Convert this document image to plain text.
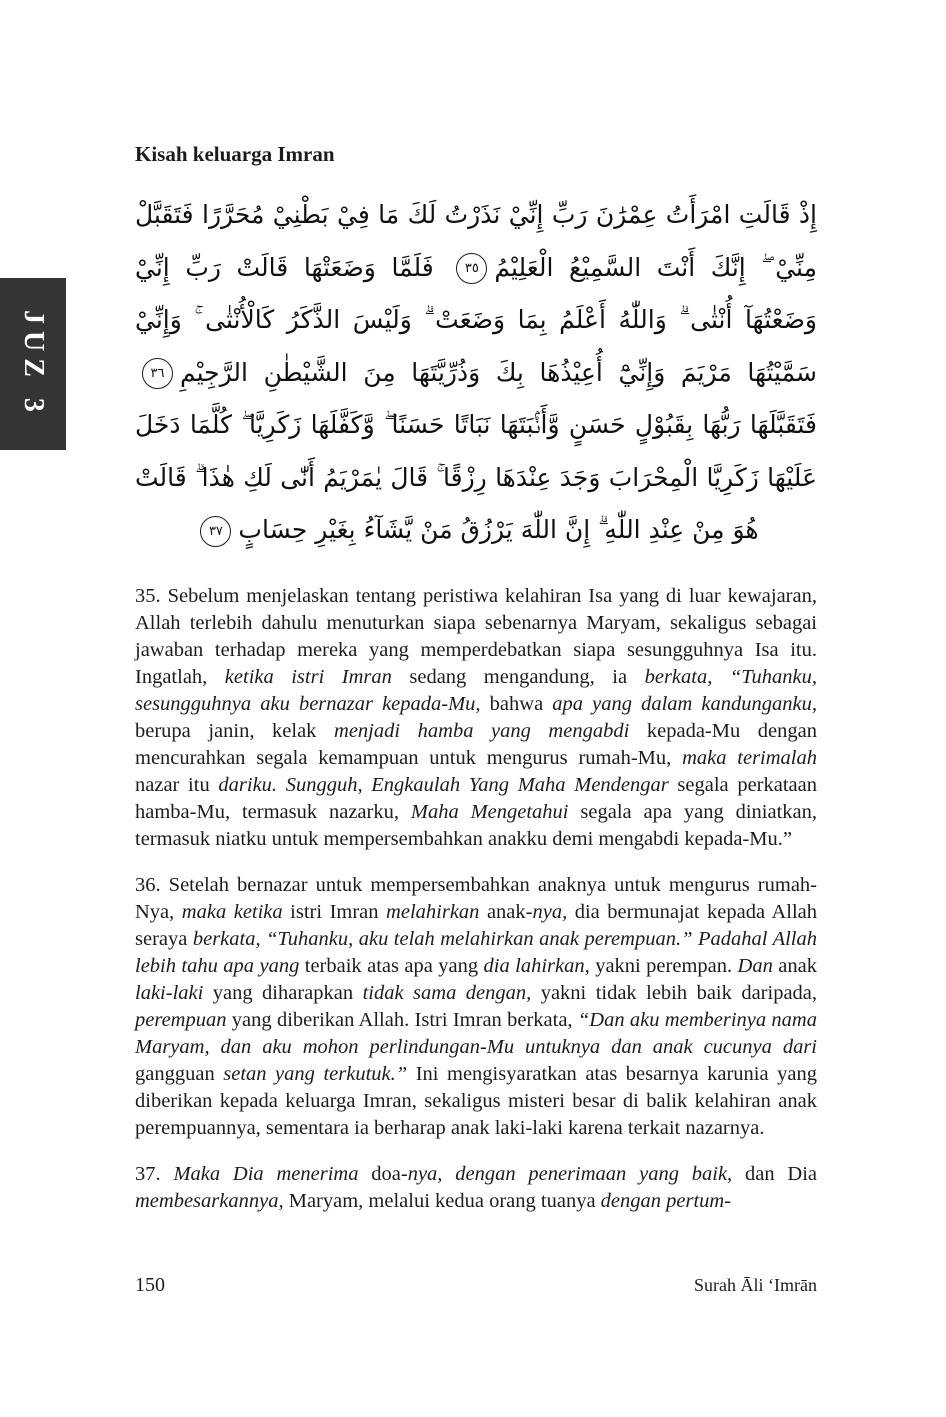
JUZ 3
Kisah keluarga Imran
إِذْ قَالَتِ امْرَأَتُ عِمْرَٰنَ رَبِّ إِنِّيْ نَذَرْتُ لَكَ مَا فِيْ بَطْنِيْ مُحَرَّرًا فَتَقَبَّلْ مِنِّيْ ۖ إِنَّكَ أَنْتَ السَّمِيْعُ الْعَلِيْمُ٣٥ فَلَمَّا وَضَعَتْهَا قَالَتْ رَبِّ إِنِّيْ وَضَعْتُهَآ أُنْثٰى ۗ وَاللّٰهُ أَعْلَمُ بِمَا وَضَعَتْ ۗ وَلَيْسَ الذَّكَرُ كَالْأُنْثٰى ۚ وَإِنِّيْ سَمَّيْتُهَا مَرْيَمَ وَإِنِّيْٓ أُعِيْذُهَا بِكَ وَذُرِّيَّتَهَا مِنَ الشَّيْطٰنِ الرَّجِيْمِ٣٦ فَتَقَبَّلَهَا رَبُّهَا بِقَبُوْلٍ حَسَنٍ وَّأَنْۢبَتَهَا نَبَاتًا حَسَنًا ۖ وَّكَفَّلَهَا زَكَرِيَّا ۖ كُلَّمَا دَخَلَ عَلَيْهَا زَكَرِيَّا الْمِحْرَابَ وَجَدَ عِنْدَهَا رِزْقًا ۚ قَالَ يٰمَرْيَمُ أَنّٰى لَكِ هٰذَا ۗ قَالَتْ هُوَ مِنْ عِنْدِ اللّٰهِ ۗ إِنَّ اللّٰهَ يَرْزُقُ مَنْ يَّشَآءُ بِغَيْرِ حِسَابٍ٣٧

35. Sebelum menjelaskan tentang peristiwa kelahiran Isa yang di luar kewajaran, Allah terlebih dahulu menuturkan siapa sebenarnya Maryam, sekaligus sebagai jawaban terhadap mereka yang memperdebatkan siapa sesungguhnya Isa itu. Ingatlah, ketika istri Imran sedang mengandung, ia berkata, “Tuhanku, sesungguhnya aku bernazar kepada-Mu, bahwa apa yang dalam kandunganku, berupa janin, kelak menjadi hamba yang mengabdi kepada-Mu dengan mencurahkan segala kemampuan untuk mengurus rumah-Mu, maka terimalah nazar itu dariku. Sungguh, Engkaulah Yang Maha Mendengar segala perkataan hamba-Mu, termasuk nazarku, Maha Mengetahui segala apa yang diniatkan, termasuk niatku untuk mempersembahkan anakku demi mengabdi kepada-Mu.”

36. Setelah bernazar untuk mempersembahkan anaknya untuk mengurus rumah-Nya, maka ketika istri Imran melahirkan anak-nya, dia bermunajat kepada Allah seraya berkata, “Tuhanku, aku telah melahirkan anak perempuan.” Padahal Allah lebih tahu apa yang terbaik atas apa yang dia lahirkan, yakni perempan. Dan anak laki-laki yang diharapkan tidak sama dengan, yakni tidak lebih baik daripada, perempuan yang diberikan Allah. Istri Imran berkata, “Dan aku memberinya nama Maryam, dan aku mohon perlindungan-Mu untuknya dan anak cucunya dari gangguan setan yang terkutuk.” Ini mengisyaratkan atas besarnya karunia yang diberikan kepada keluarga Imran, sekaligus misteri besar di balik kelahiran anak perempuannya, sementara ia berharap anak laki-laki karena terkait nazarnya.

37. Maka Dia menerima doa-nya, dengan penerimaan yang baik, dan Dia membesarkannya, Maryam, melalui kedua orang tuanya dengan pertum-

150	Surah Āli ʻImrān
